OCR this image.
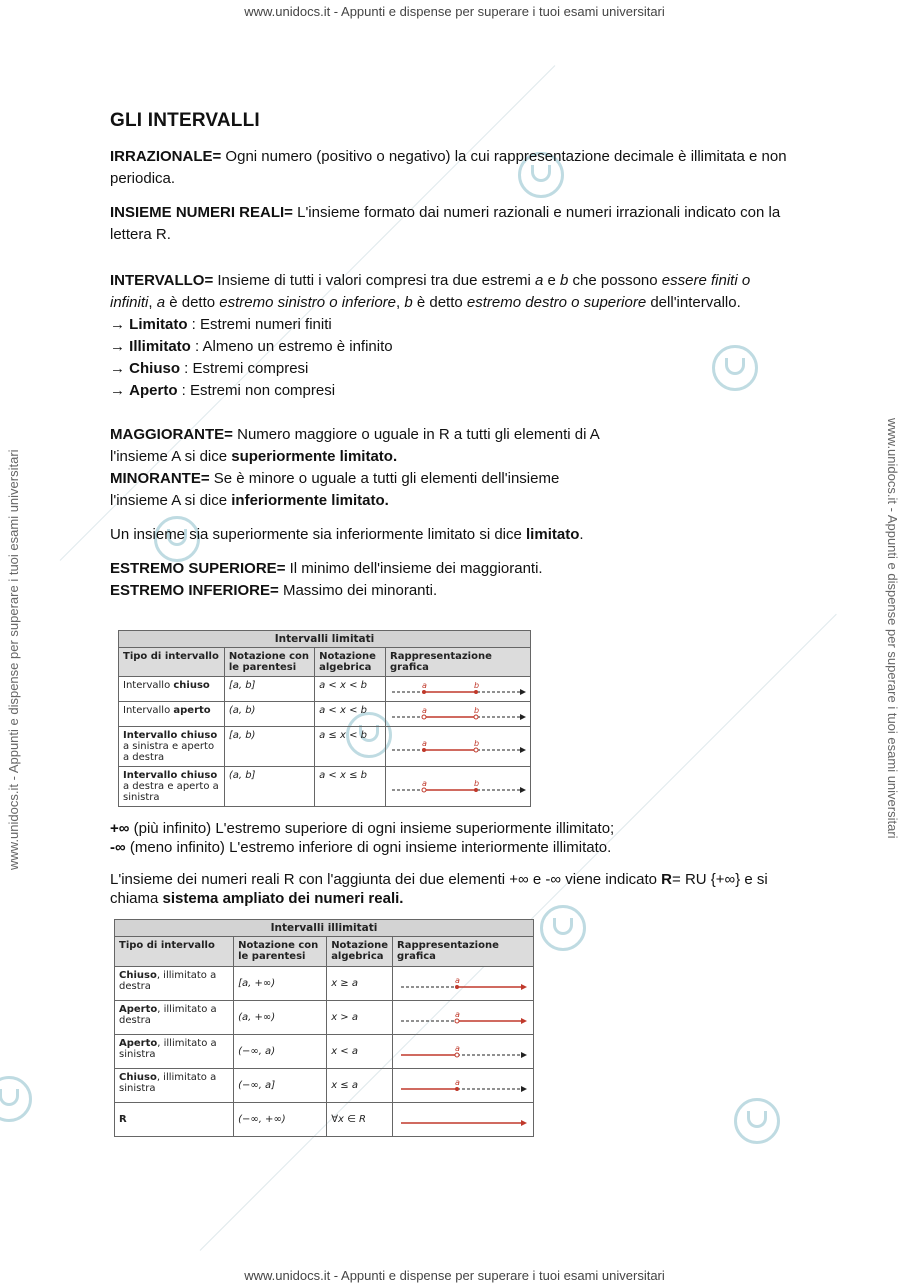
www.unidocs.it - Appunti e dispense per superare i tuoi esami universitari
www.unidocs.it - Appunti e dispense per superare i tuoi esami universitari
www.unidocs.it - Appunti e dispense per superare i tuoi esami universitari	www.unidocs.it - Appunti e dispense per superare i tuoi esami universitari
GLI INTERVALLI

IRRAZIONALE= Ogni numero (positivo o negativo) la cui rappresentazione decimale è illimitata e non periodica.

INSIEME NUMERI REALI= L'insieme formato dai numeri razionali e numeri irrazionali indicato con la lettera R.

INTERVALLO= Insieme di tutti i valori compresi tra due estremi a e b che possono essere finiti o infiniti, a è detto estremo sinistro o inferiore, b è detto estremo destro o superiore dell'intervallo.

→ Limitato : Estremi numeri finiti

→ Illimitato : Almeno un estremo è infinito

→ Chiuso : Estremi compresi

→ Aperto : Estremi non compresi

MAGGIORANTE= Numero maggiore o uguale in R a tutti gli elementi di A

l'insieme A si dice superiormente limitato.

MINORANTE= Se è minore o uguale a tutti gli elementi dell'insieme

l'insieme A si dice inferiormente limitato.

Un insieme sia superiormente sia inferiormente limitato si dice limitato.

ESTREMO SUPERIORE= Il minimo dell'insieme dei maggioranti.

ESTREMO INFERIORE= Massimo dei minoranti.

Intervalli limitati			
Tipo di intervallo	Notazione con le parentesi	Notazione algebrica	Rappresentazione grafica
Intervallo chiuso	[a, b]	a < x < b	a b

Intervallo aperto	(a, b)	a < x < b	a b

Intervallo chiuso a sinistra e aperto a destra	[a, b)	a ≤ x < b	a b

Intervallo chiuso a destra e aperto a sinistra	(a, b]	a < x ≤ b	a b

+∞ (più infinito) L'estremo superiore di ogni insieme superiormente illimitato;

-∞ (meno infinito) L'estremo inferiore di ogni insieme interiormente illimitato.

L'insieme dei numeri reali R con l'aggiunta dei due elementi +∞ e -∞ viene indicato R= RU {+∞} e si chiama sistema ampliato dei numeri reali.

Intervalli illimitati			
Tipo di intervallo	Notazione con le parentesi	Notazione algebrica	Rappresentazione grafica
Chiuso, illimitato a destra	[a, +∞)	x ≥ a	a

Aperto, illimitato a destra	(a, +∞)	x > a	a

Aperto, illimitato a sinistra	(−∞, a)	x < a	a

Chiuso, illimitato a sinistra	(−∞, a]	x ≤ a	a

R	(−∞, +∞)	∀x ∈ R	
